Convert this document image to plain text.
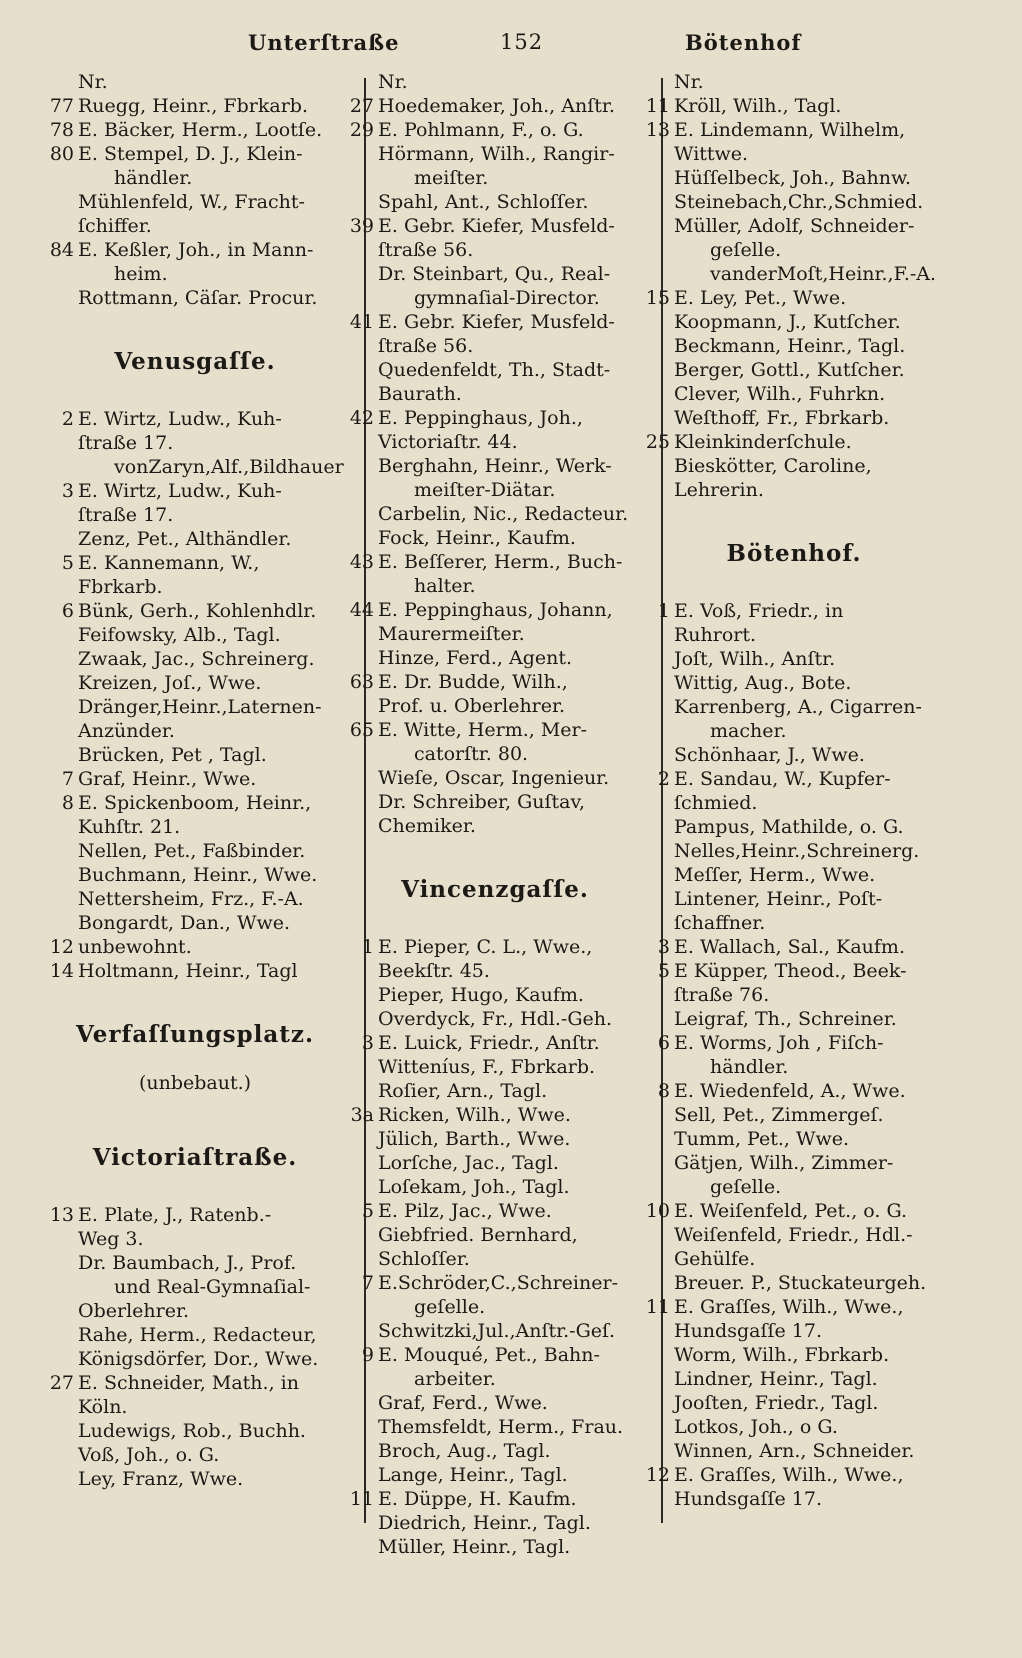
Unterſtraße	152	Bötenhof
Nr.
77 Ruegg, Heinr., Fbrkarb.
78 E. Bäcker, Herm., Lootſe.
80 E. Stempel, D. J., Klein-
händler.
Mühlenfeld, W., Fracht-
ſchiffer.
84 E. Keßler, Joh., in Mann-
heim.
Rottmann, Cäſar. Procur.
Venusgaſſe.
2 E. Wirtz, Ludw., Kuh-
ſtraße 17.
vonZaryn,Alf.,Bildhauer
3 E. Wirtz, Ludw., Kuh-
ſtraße 17.
Zenz, Pet., Althändler.
5 E. Kannemann, W.,
Fbrkarb.
6 Bünk, Gerh., Kohlenhdlr.
Feifowsky, Alb., Tagl.
Zwaak, Jac., Schreinerg.
Kreizen, Joſ., Wwe.
Dränger,Heinr.,Laternen-
Anzünder.
Brücken, Pet , Tagl.
7 Graf, Heinr., Wwe.
8 E. Spickenboom, Heinr.,
Kuhſtr. 21.
Nellen, Pet., Faßbinder.
Buchmann, Heinr., Wwe.
Nettersheim, Frz., F.-A.
Bongardt, Dan., Wwe.
12 unbewohnt.
14 Holtmann, Heinr., Tagl
Verfaſſungsplatz.
(unbebaut.)
Victoriaſtraße.
13 E. Plate, J., Ratenb.-
Weg 3.
Dr. Baumbach, J., Prof.
und Real-Gymnaſial-
Oberlehrer.
Rahe, Herm., Redacteur,
Königsdörfer, Dor., Wwe.
27 E. Schneider, Math., in
Köln.
Ludewigs, Rob., Buchh.
Voß, Joh., o. G.
Ley, Franz, Wwe.
Nr.
27 Hoedemaker, Joh., Anſtr.
29 E. Pohlmann, F., o. G.
Hörmann, Wilh., Rangir-
meiſter.
Spahl, Ant., Schloſſer.
39 E. Gebr. Kiefer, Musfeld-
ſtraße 56.
Dr. Steinbart, Qu., Real-
gymnaſial-Director.
41 E. Gebr. Kiefer, Musfeld-
ſtraße 56.
Quedenfeldt, Th., Stadt-
Baurath.
42 E. Peppinghaus, Joh.,
Victoriaſtr. 44.
Berghahn, Heinr., Werk-
meiſter-Diätar.
Carbelin, Nic., Redacteur.
Fock, Heinr., Kaufm.
43 E. Beſſerer, Herm., Buch-
halter.
44 E. Peppinghaus, Johann,
Maurermeiſter.
Hinze, Ferd., Agent.
63 E. Dr. Budde, Wilh.,
Prof. u. Oberlehrer.
65 E. Witte, Herm., Mer-
catorſtr. 80.
Wieſe, Oscar, Ingenieur.
Dr. Schreiber, Guſtav,
Chemiker.
Vincenzgaſſe.
1 E. Pieper, C. L., Wwe.,
Beekſtr. 45.
Pieper, Hugo, Kaufm.
Overdyck, Fr., Hdl.-Geh.
3 E. Luick, Friedr., Anſtr.
Witteníus, F., Fbrkarb.
Roſier, Arn., Tagl.
3a Ricken, Wilh., Wwe.
Jülich, Barth., Wwe.
Lorſche, Jac., Tagl.
Loſekam, Joh., Tagl.
5 E. Pilz, Jac., Wwe.
Giebfried. Bernhard,
Schloſſer.
7 E.Schröder,C.,Schreiner-
geſelle.
Schwitzki,Jul.,Anſtr.-Geſ.
9 E. Mouqué, Pet., Bahn-
arbeiter.
Graf, Ferd., Wwe.
Themsfeldt, Herm., Frau.
Broch, Aug., Tagl.
Lange, Heinr., Tagl.
11 E. Düppe, H. Kaufm.
Diedrich, Heinr., Tagl.
Müller, Heinr., Tagl.
Nr.
11 Kröll, Wilh., Tagl.
13 E. Lindemann, Wilhelm,
Wittwe.
Hüſſelbeck, Joh., Bahnw.
Steinebach,Chr.,Schmied.
Müller, Adolf, Schneider-
geſelle.
vanderMoſt,Heinr.,F.-A.
15 E. Ley, Pet., Wwe.
Koopmann, J., Kutſcher.
Beckmann, Heinr., Tagl.
Berger, Gottl., Kutſcher.
Clever, Wilh., Fuhrkn.
Weſthoff, Fr., Fbrkarb.
25 Kleinkinderſchule.
Bieskötter, Caroline,
Lehrerin.
Bötenhof.
1 E. Voß, Friedr., in
Ruhrort.
Joſt, Wilh., Anſtr.
Wittig, Aug., Bote.
Karrenberg, A., Cigarren-
macher.
Schönhaar, J., Wwe.
2 E. Sandau, W., Kupfer-
ſchmied.
Pampus, Mathilde, o. G.
Nelles,Heinr.,Schreinerg.
Meſſer, Herm., Wwe.
Lintener, Heinr., Poſt-
ſchaffner.
3 E. Wallach, Sal., Kaufm.
5 E Küpper, Theod., Beek-
ſtraße 76.
Leigraf, Th., Schreiner.
6 E. Worms, Joh , Fiſch-
händler.
8 E. Wiedenfeld, A., Wwe.
Sell, Pet., Zimmergeſ.
Tumm, Pet., Wwe.
Gätjen, Wilh., Zimmer-
geſelle.
10 E. Weiſenfeld, Pet., o. G.
Weiſenfeld, Friedr., Hdl.-
Gehülfe.
Breuer. P., Stuckateurgeh.
11 E. Graſſes, Wilh., Wwe.,
Hundsgaſſe 17.
Worm, Wilh., Fbrkarb.
Lindner, Heinr., Tagl.
Jooſten, Friedr., Tagl.
Lotkos, Joh., o G.
Winnen, Arn., Schneider.
12 E. Graſſes, Wilh., Wwe.,
Hundsgaſſe 17.
